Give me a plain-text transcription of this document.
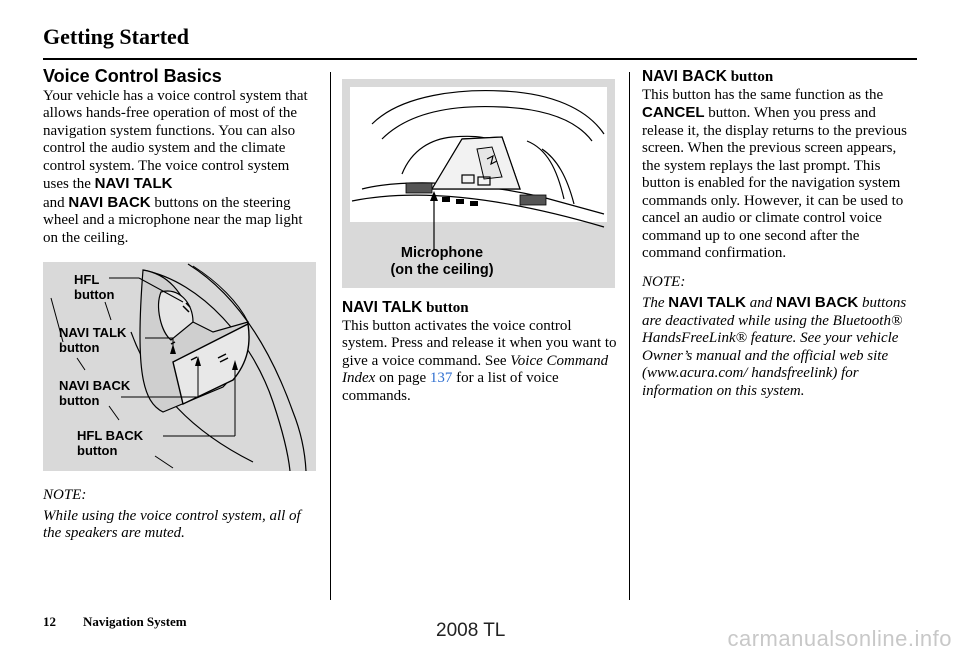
Getting Started
Voice Control Basics

Your vehicle has a voice control system that allows hands-free operation of most of the navigation system functions. You can also control the audio system and the climate control system. The voice control system uses the NAVI TALK
and NAVI BACK buttons on the steering wheel and a microphone near the map light on the ceiling.

HFL
button
NAVI TALK
button
NAVI BACK
button
HFL BACK
button

NOTE:

While using the voice control system, all of the speakers are muted.

Microphone
(on the ceiling)

NAVI TALK button

This button activates the voice control system. Press and release it when you want to give a voice command. See Voice Command Index on page 137 for a list of voice commands.

NAVI BACK button

This button has the same function as the
CANCEL button. When you press and release it, the display returns to the previous screen. When the previous screen appears, the system replays the last prompt. This button is enabled for the navigation system commands only. However, it can be used to cancel an audio or climate control voice command up to one second after the command confirmation.

NOTE:

The NAVI TALK and NAVI BACK buttons are deactivated while using the Bluetooth® HandsFreeLink® feature. See your vehicle Owner’s manual and the official web site (www.acura.com/ handsfreelink) for information on this system.

12 Navigation System	2008 TL	carmanualsonline.info
